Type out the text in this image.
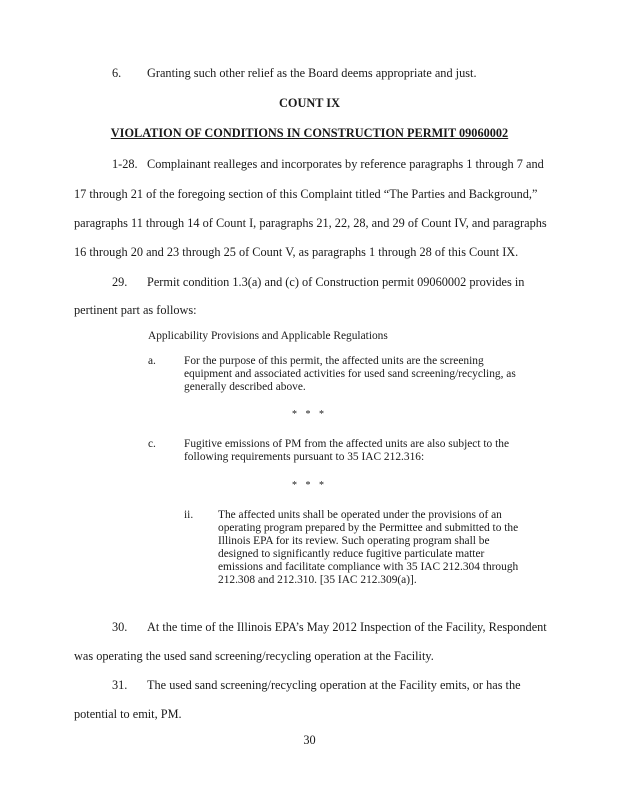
6. Granting such other relief as the Board deems appropriate and just.
COUNT IX
VIOLATION OF CONDITIONS IN CONSTRUCTION PERMIT 09060002
1-28. Complainant realleges and incorporates by reference paragraphs 1 through 7 and
17 through 21 of the foregoing section of this Complaint titled “The Parties and Background,”
paragraphs 11 through 14 of Count I, paragraphs 21, 22, 28, and 29 of Count IV, and paragraphs
16 through 20 and 23 through 25 of Count V, as paragraphs 1 through 28 of this Count IX.
29. Permit condition 1.3(a) and (c) of Construction permit 09060002 provides in
pertinent part as follows:
Applicability Provisions and Applicable Regulations
a. For the purpose of this permit, the affected units are the screening
equipment and associated activities for used sand screening/recycling, as
generally described above.
* * *
c. Fugitive emissions of PM from the affected units are also subject to the
following requirements pursuant to 35 IAC 212.316:
* * *
ii. The affected units shall be operated under the provisions of an
operating program prepared by the Permittee and submitted to the
Illinois EPA for its review. Such operating program shall be
designed to significantly reduce fugitive particulate matter
emissions and facilitate compliance with 35 IAC 212.304 through
212.308 and 212.310. [35 IAC 212.309(a)].
30. At the time of the Illinois EPA’s May 2012 Inspection of the Facility, Respondent
was operating the used sand screening/recycling operation at the Facility.
31. The used sand screening/recycling operation at the Facility emits, or has the
potential to emit, PM.
30
